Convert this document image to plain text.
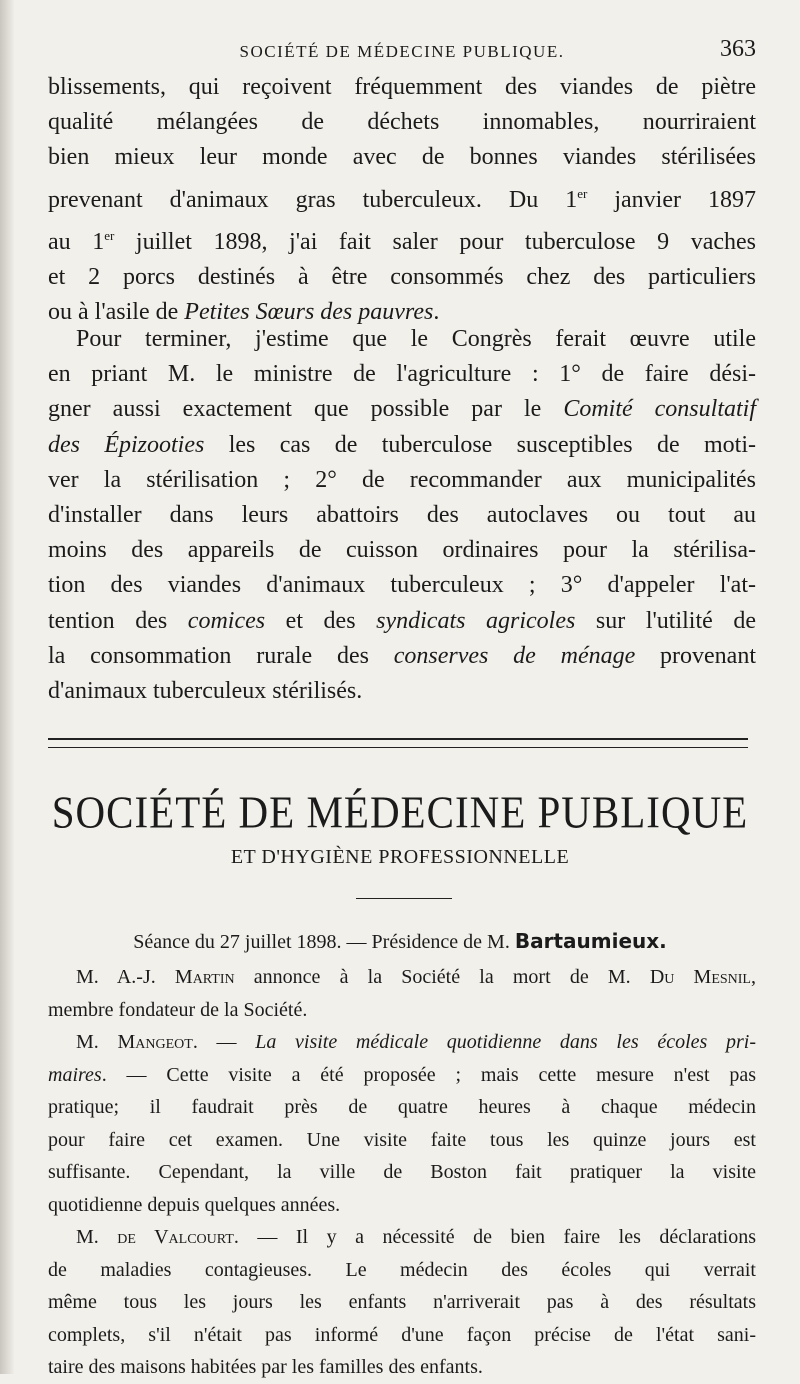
SOCIÉTÉ DE MÉDECINE PUBLIQUE.	363
blissements, qui reçoivent fréquemment des viandes de piètre
qualité mélangées de déchets innomables, nourriraient
bien mieux leur monde avec de bonnes viandes stérilisées
prevenant d'animaux gras tuberculeux. Du 1er janvier 1897
au 1er juillet 1898, j'ai fait saler pour tuberculose 9 vaches
et 2 porcs destinés à être consommés chez des particuliers
ou à l'asile de Petites Sœurs des pauvres.
Pour terminer, j'estime que le Congrès ferait œuvre utile
en priant M. le ministre de l'agriculture : 1° de faire dési-
gner aussi exactement que possible par le Comité consultatif
des Épizooties les cas de tuberculose susceptibles de moti-
ver la stérilisation ; 2° de recommander aux municipalités
d'installer dans leurs abattoirs des autoclaves ou tout au
moins des appareils de cuisson ordinaires pour la stérilisa-
tion des viandes d'animaux tuberculeux ; 3° d'appeler l'at-
tention des comices et des syndicats agricoles sur l'utilité de
la consommation rurale des conserves de ménage provenant
d'animaux tuberculeux stérilisés.
SOCIÉTÉ DE MÉDECINE PUBLIQUE
ET D'HYGIÈNE PROFESSIONNELLE
Séance du 27 juillet 1898. — Présidence de M. Bartaumieux.
M. A.-J. Martin annonce à la Société la mort de M. Du Mesnil,
membre fondateur de la Société.
M. Mangeot. — La visite médicale quotidienne dans les écoles pri-
maires. — Cette visite a été proposée ; mais cette mesure n'est pas
pratique; il faudrait près de quatre heures à chaque médecin
pour faire cet examen. Une visite faite tous les quinze jours est
suffisante. Cependant, la ville de Boston fait pratiquer la visite
quotidienne depuis quelques années.
M. de Valcourt. — Il y a nécessité de bien faire les déclarations
de maladies contagieuses. Le médecin des écoles qui verrait
même tous les jours les enfants n'arriverait pas à des résultats
complets, s'il n'était pas informé d'une façon précise de l'état sani-
taire des maisons habitées par les familles des enfants.
